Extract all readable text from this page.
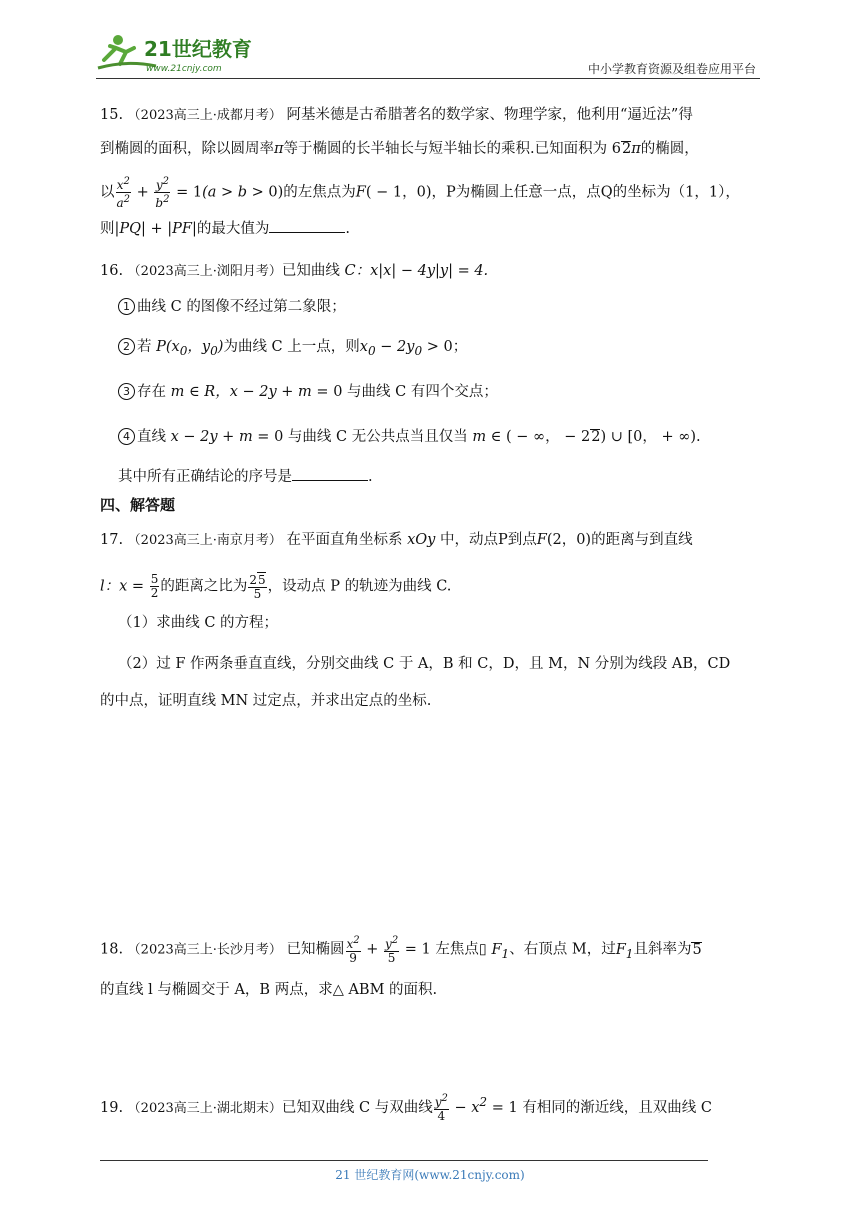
21世纪教育
www.21cnjy.com	中小学教育资源及组卷应用平台
15. （2023高三上·成都月考） 阿基米德是古希腊著名的数学家、物理学家，他利用“逼近法”得
到椭圆的面积，除以圆周率π等于椭圆的长半轴长与短半轴长的乘积.已知面积为 62π的椭圆，
以 $\frac{x^2}{a^2} + \frac{y^2}{b^2} = 1(a > b > 0)$的左焦点为F( − 1，0)，P为椭圆上任意一点，点Q的坐标为（1，1），
则|PQ| + |PF|的最大值为	.
16. （2023高三上·浏阳月考）已知曲线 C：x|x| − 4y|y| = 4.
1 曲线 C 的图像不经过第二象限；
2 若 $P(x_0$，$y_0$)为曲线 C 上一点，则$x_0 - 2y_0 > 0$；
3 存在 m ∈ R，x − 2y + m = 0 与曲线 C 有四个交点；
4 直线 x − 2y + m = 0 与曲线 C 无公共点当且仅当 m ∈ ( − ∞， − 22) ∪ [0， + ∞).
其中所有正确结论的序号是	.
四、解答题
17. （2023高三上·南京月考） 在平面直角坐标系 xOy 中，动点P到点F(2，0)的距离与到直线
l：$x = \frac{5}{2}$ 的距离之比为 $\frac{25}{5}$ ，设动点 P 的轨迹为曲线 C.
（1）求曲线 C 的方程；
（2）过 F 作两条垂直直线，分别交曲线 C 于 A，B 和 C，D，且 M，N 分别为线段 AB，CD
的中点，证明直线 MN 过定点，并求出定点的坐标.
18. （2023高三上·长沙月考） 已知椭圆 $\frac{x^2}{9} + \frac{y^2}{5} = 1$ 左焦点▯ $F_1$、右顶点 M，过$F_1$且斜率为5
的直线 l 与椭圆交于 A，B 两点，求△ ABM 的面积.
19. （2023高三上·湖北期末）已知双曲线 C 与双曲线 $\frac{y^2}{4} - x^2 = 1$ 有相同的渐近线，且双曲线 C
21 世纪教育网(www.21cnjy.com)
